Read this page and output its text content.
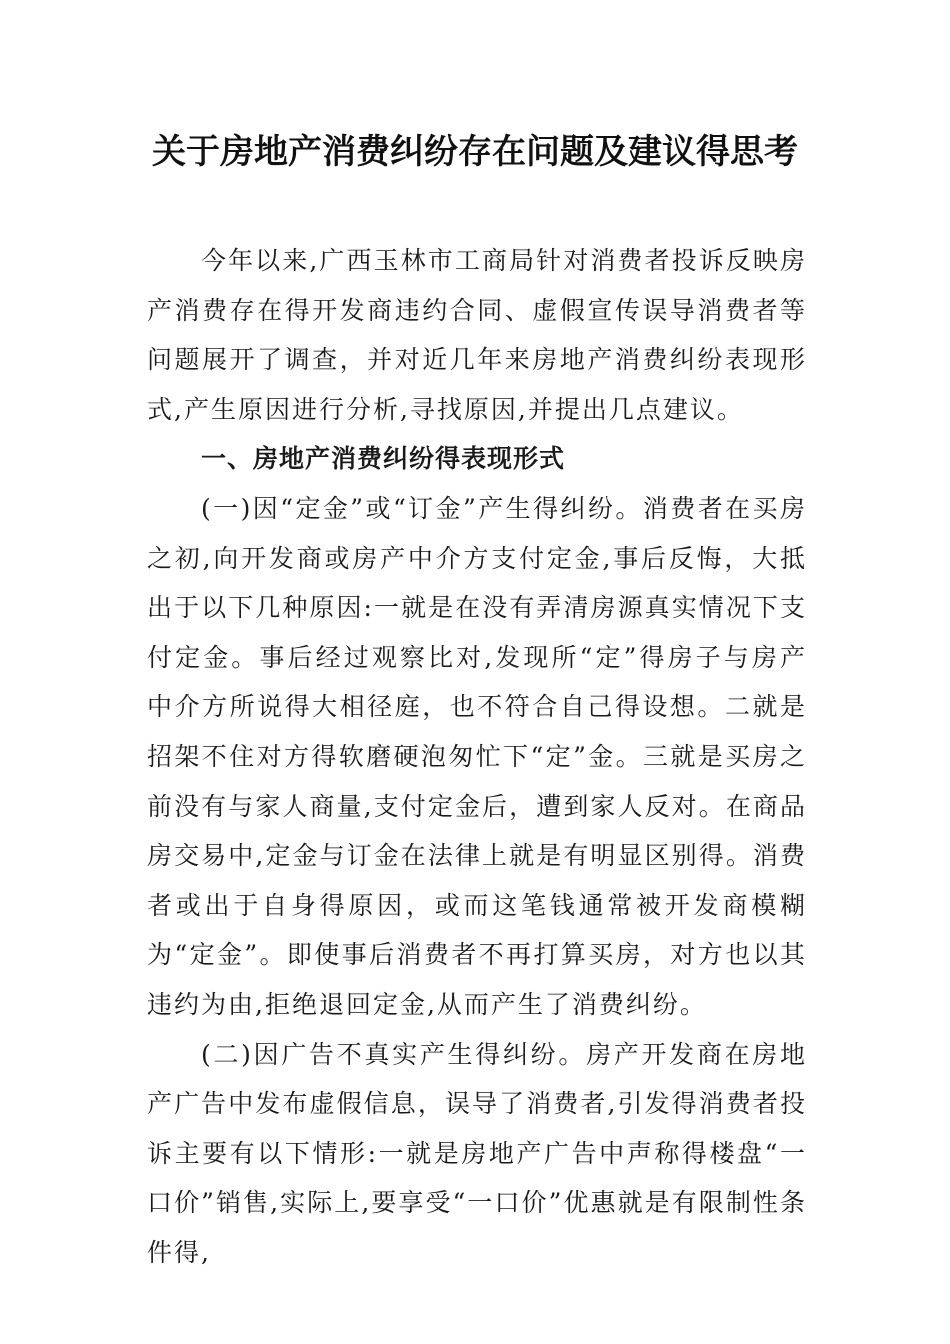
关于房地产消费纠纷存在问题及建议得思考

今年以来,广西玉林市工商局针对消费者投诉反映房产消费存在得开发商违约合同、虚假宣传误导消费者等问题展开了调查，并对近几年来房地产消费纠纷表现形式,产生原因进行分析,寻找原因,并提出几点建议。

一、房地产消费纠纷得表现形式

(一)因“定金”或“订金”产生得纠纷。消费者在买房之初,向开发商或房产中介方支付定金,事后反悔，大抵出于以下几种原因:一就是在没有弄清房源真实情况下支付定金。事后经过观察比对,发现所“定”得房子与房产中介方所说得大相径庭，也不符合自己得设想。二就是招架不住对方得软磨硬泡匆忙下“定”金。三就是买房之前没有与家人商量,支付定金后，遭到家人反对。在商品房交易中,定金与订金在法律上就是有明显区别得。消费者或出于自身得原因，或而这笔钱通常被开发商模糊为“定金”。即使事后消费者不再打算买房，对方也以其违约为由,拒绝退回定金,从而产生了消费纠纷。

(二)因广告不真实产生得纠纷。房产开发商在房地产广告中发布虚假信息，误导了消费者,引发得消费者投诉主要有以下情形:一就是房地产广告中声称得楼盘“一口价”销售,实际上,要享受“一口价”优惠就是有限制性条件得,
